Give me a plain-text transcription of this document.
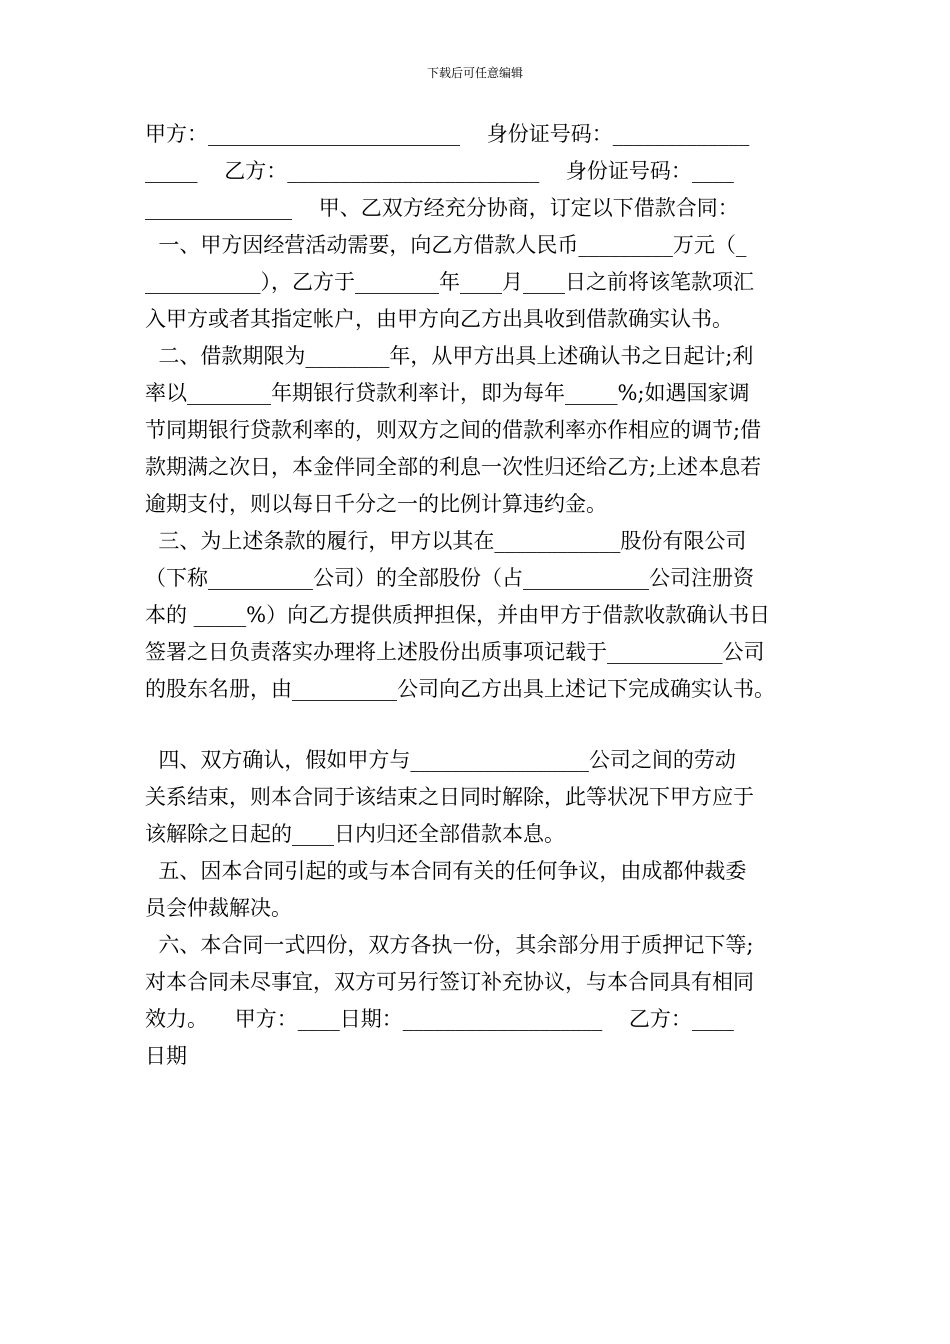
下载后可任意编辑
甲方：________________________    身份证号码：_____________
_____    乙方：________________________    身份证号码：____
______________    甲、乙双方经充分协商，订定以下借款合同：
一、甲方因经营活动需要，向乙方借款人民币_________万元（_
___________），乙方于________年____月____日之前将该笔款项汇
入甲方或者其指定帐户，由甲方向乙方出具收到借款确实认书。
二、借款期限为________年，从甲方出具上述确认书之日起计;利
率以________年期银行贷款利率计，即为每年_____%;如遇国家调
节同期银行贷款利率的，则双方之间的借款利率亦作相应的调节;借
款期满之次日，本金伴同全部的利息一次性归还给乙方;上述本息若
逾期支付，则以每日千分之一的比例计算违约金。
三、为上述条款的履行，甲方以其在____________股份有限公司
（下称__________公司）的全部股份（占____________公司注册资
本的 _____%）向乙方提供质押担保，并由甲方于借款收款确认书日
签署之日负责落实办理将上述股份出质事项记载于___________公司
的股东名册，由__________公司向乙方出具上述记下完成确实认书。
四、双方确认，假如甲方与_________________公司之间的劳动
关系结束，则本合同于该结束之日同时解除，此等状况下甲方应于
该解除之日起的____日内归还全部借款本息。
五、因本合同引起的或与本合同有关的任何争议，由成都仲裁委
员会仲裁解决。
六、本合同一式四份，双方各执一份，其余部分用于质押记下等;
对本合同未尽事宜，双方可另行签订补充协议，与本合同具有相同
效力。    甲方：____日期：___________________    乙方：____
日期
